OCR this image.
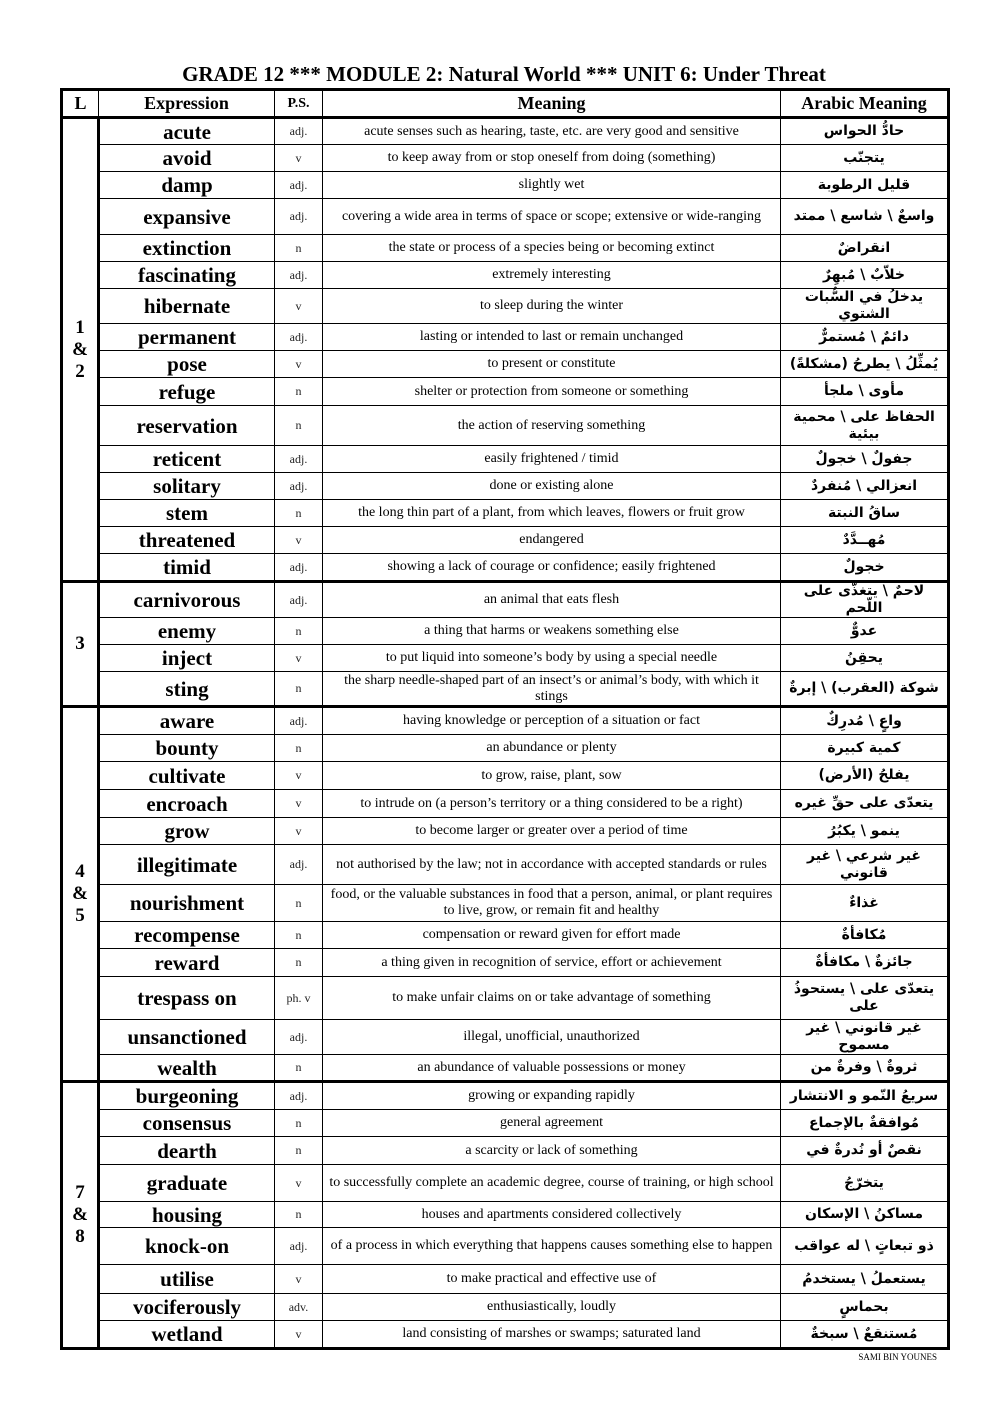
GRADE 12 *** MODULE 2: Natural World *** UNIT 6: Under Threat
L	Expression	P.S.	Meaning	Arabic Meaning
1
&
2	acute	adj.	acute senses such as hearing, taste, etc. are very good and sensitive	حادُّ الحواس
	avoid	v	to keep away from or stop oneself from doing (something)	يتجنّب
	damp	adj.	slightly wet	قليل الرطوبة
	expansive	adj.	covering a wide area in terms of space or scope; extensive or wide-ranging	واسعٌ \ شاسع \ ممتد
	extinction	n	the state or process of a species being or becoming extinct	انقراضٌ
	fascinating	adj.	extremely interesting	خلاّبٌ \ مُبهِرٌ
	hibernate	v	to sleep during the winter	يدخلُ في السُّبات الشتوي
	permanent	adj.	lasting or intended to last or remain unchanged	دائمٌ \ مُستمرٌّ
	pose	v	to present or constitute	يُمثِّلُ \ يطرحُ (مشكلةً)
	refuge	n	shelter or protection from someone or something	مأوى \ ملجأ
	reservation	n	the action of reserving something	الحفاظ على \ محمية بيئية
	reticent	adj.	easily frightened / timid	جفولٌ \ خجولٌ
	solitary	adj.	done or existing alone	انعزالي \ مُنفردٌ
	stem	n	the long thin part of a plant, from which leaves, flowers or fruit grow	ساقُ النبتة
	threatened	v	endangered	مُهــدَّدٌ
	timid	adj.	showing a lack of courage or confidence; easily frightened	خجولٌ
3	carnivorous	adj.	an animal that eats flesh	لاحمٌ \ يتغذّى على اللّحم
	enemy	n	a thing that harms or weakens something else	عدوٌّ
	inject	v	to put liquid into someone’s body by using a special needle	يحقِنُ
	sting	n	the sharp needle-shaped part of an insect’s or animal’s body, with which it stings	شوكة (العقرب) \ إبرةٌ
4
&
5	aware	adj.	having knowledge or perception of a situation or fact	واعٍ \ مُدرِكٌ
	bounty	n	an abundance or plenty	كمية كبيرة
	cultivate	v	to grow, raise, plant, sow	يفلحُ (الأرض)
	encroach	v	to intrude on (a person’s territory or a thing considered to be a right)	يتعدّى على حقِّ غيره
	grow	v	to become larger or greater over a period of time	ينمو \ يكبُرُ
	illegitimate	adj.	not authorised by the law; not in accordance with accepted standards or rules	غير شرعي \ غير قانوني
	nourishment	n	food, or the valuable substances in food that a person, animal, or plant requires to live, grow, or remain fit and healthy	غذاءٌ
	recompense	n	compensation or reward given for effort made	مُكافأةٌ
	reward	n	a thing given in recognition of service, effort or achievement	جائزةٌ \ مكافأةٌ
	trespass on	ph. v	to make unfair claims on or take advantage of something	يتعدّى على \ يستحوذُ على
	unsanctioned	adj.	illegal, unofficial, unauthorized	غير قانوني \ غير مسموح
	wealth	n	an abundance of valuable possessions or money	ثروةٌ \ وفرةٌ من
7
&
8	burgeoning	adj.	growing or expanding rapidly	سريعُ النّمو و الانتشار
	consensus	n	general agreement	مُوافقةٌ بالإجماع
	dearth	n	a scarcity or lack of something	نقصٌ أو نُدرةٌ في
	graduate	v	to successfully complete an academic degree, course of training, or high school	يتخرّجُ
	housing	n	houses and apartments considered collectively	مساكنُ \ الإسكان
	knock-on	adj.	of a process in which everything that happens causes something else to happen	ذو تبعاتٍ \ له عواقب
	utilise	v	to make practical and effective use of	يستعملُ \ يستخدمُ
	vociferously	adv.	enthusiastically, loudly	بحماسٍ
	wetland	v	land consisting of marshes or swamps; saturated land	مُستنقعٌ \ سبخةٌ
SAMI BIN YOUNES
